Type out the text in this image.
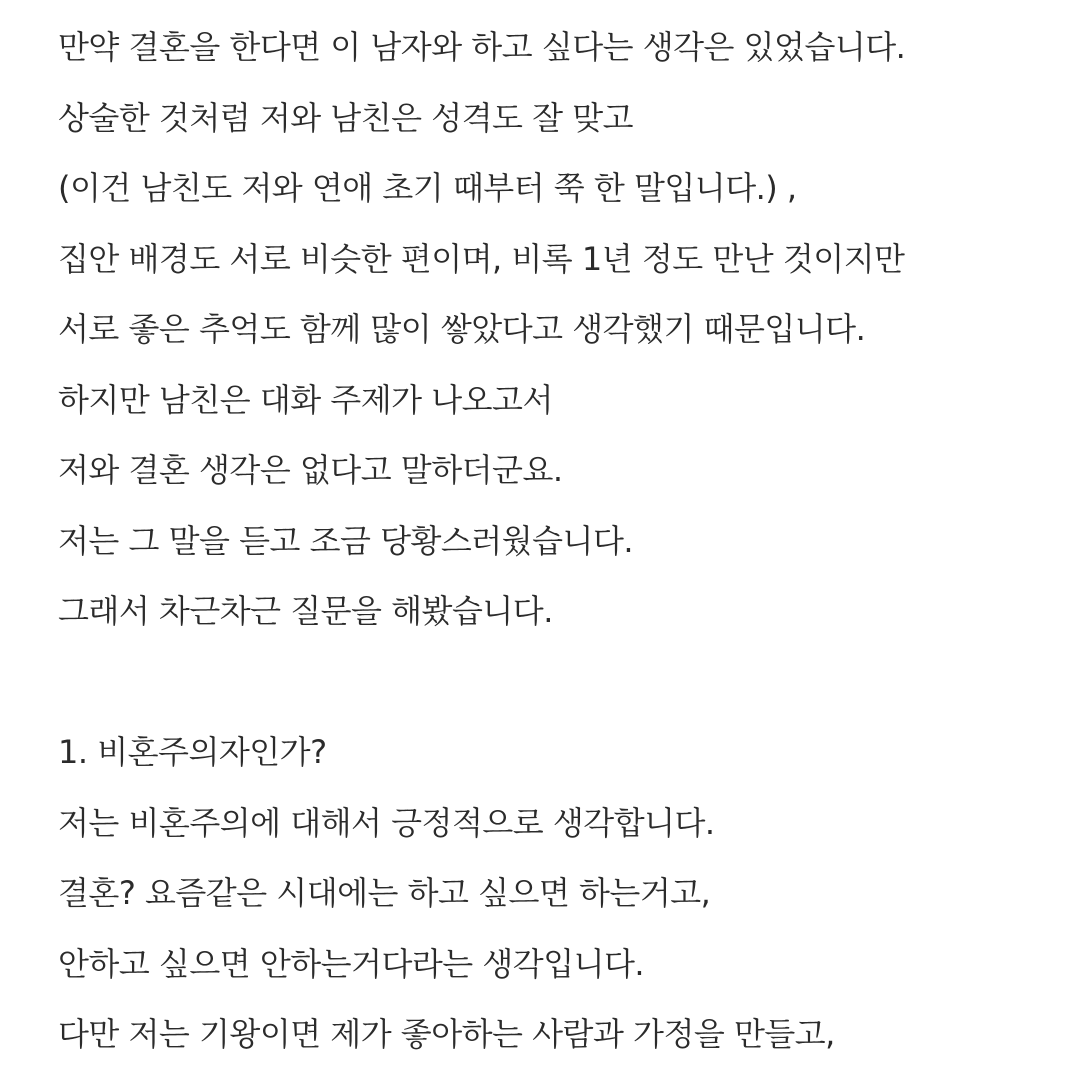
만약 결혼을 한다면 이 남자와 하고 싶다는 생각은 있었습니다.
상술한 것처럼 저와 남친은 성격도 잘 맞고
(이건 남친도 저와 연애 초기 때부터 쭉 한 말입니다.) ,
집안 배경도 서로 비슷한 편이며, 비록 1년 정도 만난 것이지만
서로 좋은 추억도 함께 많이 쌓았다고 생각했기 때문입니다.
하지만 남친은 대화 주제가 나오고서
저와 결혼 생각은 없다고 말하더군요.
저는 그 말을 듣고 조금 당황스러웠습니다.
그래서 차근차근 질문을 해봤습니다.
1. 비혼주의자인가?
저는 비혼주의에 대해서 긍정적으로 생각합니다.
결혼? 요즘같은 시대에는 하고 싶으면 하는거고,
안하고 싶으면 안하는거다라는 생각입니다.
다만 저는 기왕이면 제가 좋아하는 사람과 가정을 만들고,
